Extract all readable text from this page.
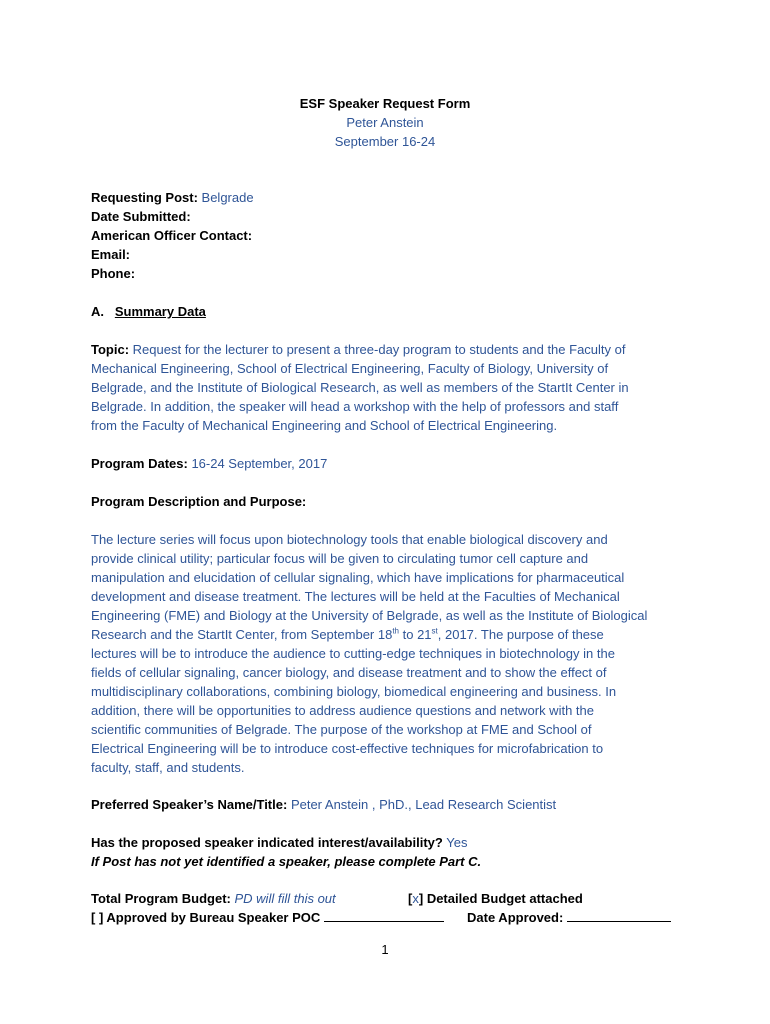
ESF Speaker Request Form
Peter Anstein
September 16-24
Requesting Post: Belgrade
Date Submitted:
American Officer Contact:
Email:
Phone:
A. Summary Data
Topic: Request for the lecturer to present a three-day program to students and the Faculty of
Mechanical Engineering, School of Electrical Engineering, Faculty of Biology, University of
Belgrade, and the Institute of Biological Research, as well as members of the StartIt Center in
Belgrade. In addition, the speaker will head a workshop with the help of professors and staff
from the Faculty of Mechanical Engineering and School of Electrical Engineering.
Program Dates: 16-24 September, 2017
Program Description and Purpose:
The lecture series will focus upon biotechnology tools that enable biological discovery and
provide clinical utility; particular focus will be given to circulating tumor cell capture and
manipulation and elucidation of cellular signaling, which have implications for pharmaceutical
development and disease treatment. The lectures will be held at the Faculties of Mechanical
Engineering (FME) and Biology at the University of Belgrade, as well as the Institute of Biological
Research and the StartIt Center, from September 18th to 21st, 2017. The purpose of these
lectures will be to introduce the audience to cutting-edge techniques in biotechnology in the
fields of cellular signaling, cancer biology, and disease treatment and to show the effect of
multidisciplinary collaborations, combining biology, biomedical engineering and business. In
addition, there will be opportunities to address audience questions and network with the
scientific communities of Belgrade. The purpose of the workshop at FME and School of
Electrical Engineering will be to introduce cost-effective techniques for microfabrication to
faculty, staff, and students.
Preferred Speaker’s Name/Title: Peter Anstein , PhD., Lead Research Scientist
Has the proposed speaker indicated interest/availability? Yes
If Post has not yet identified a speaker, please complete Part C.
Total Program Budget: PD will fill this out	[x] Detailed Budget attached
[ ] Approved by Bureau Speaker POC	Date Approved:
1
